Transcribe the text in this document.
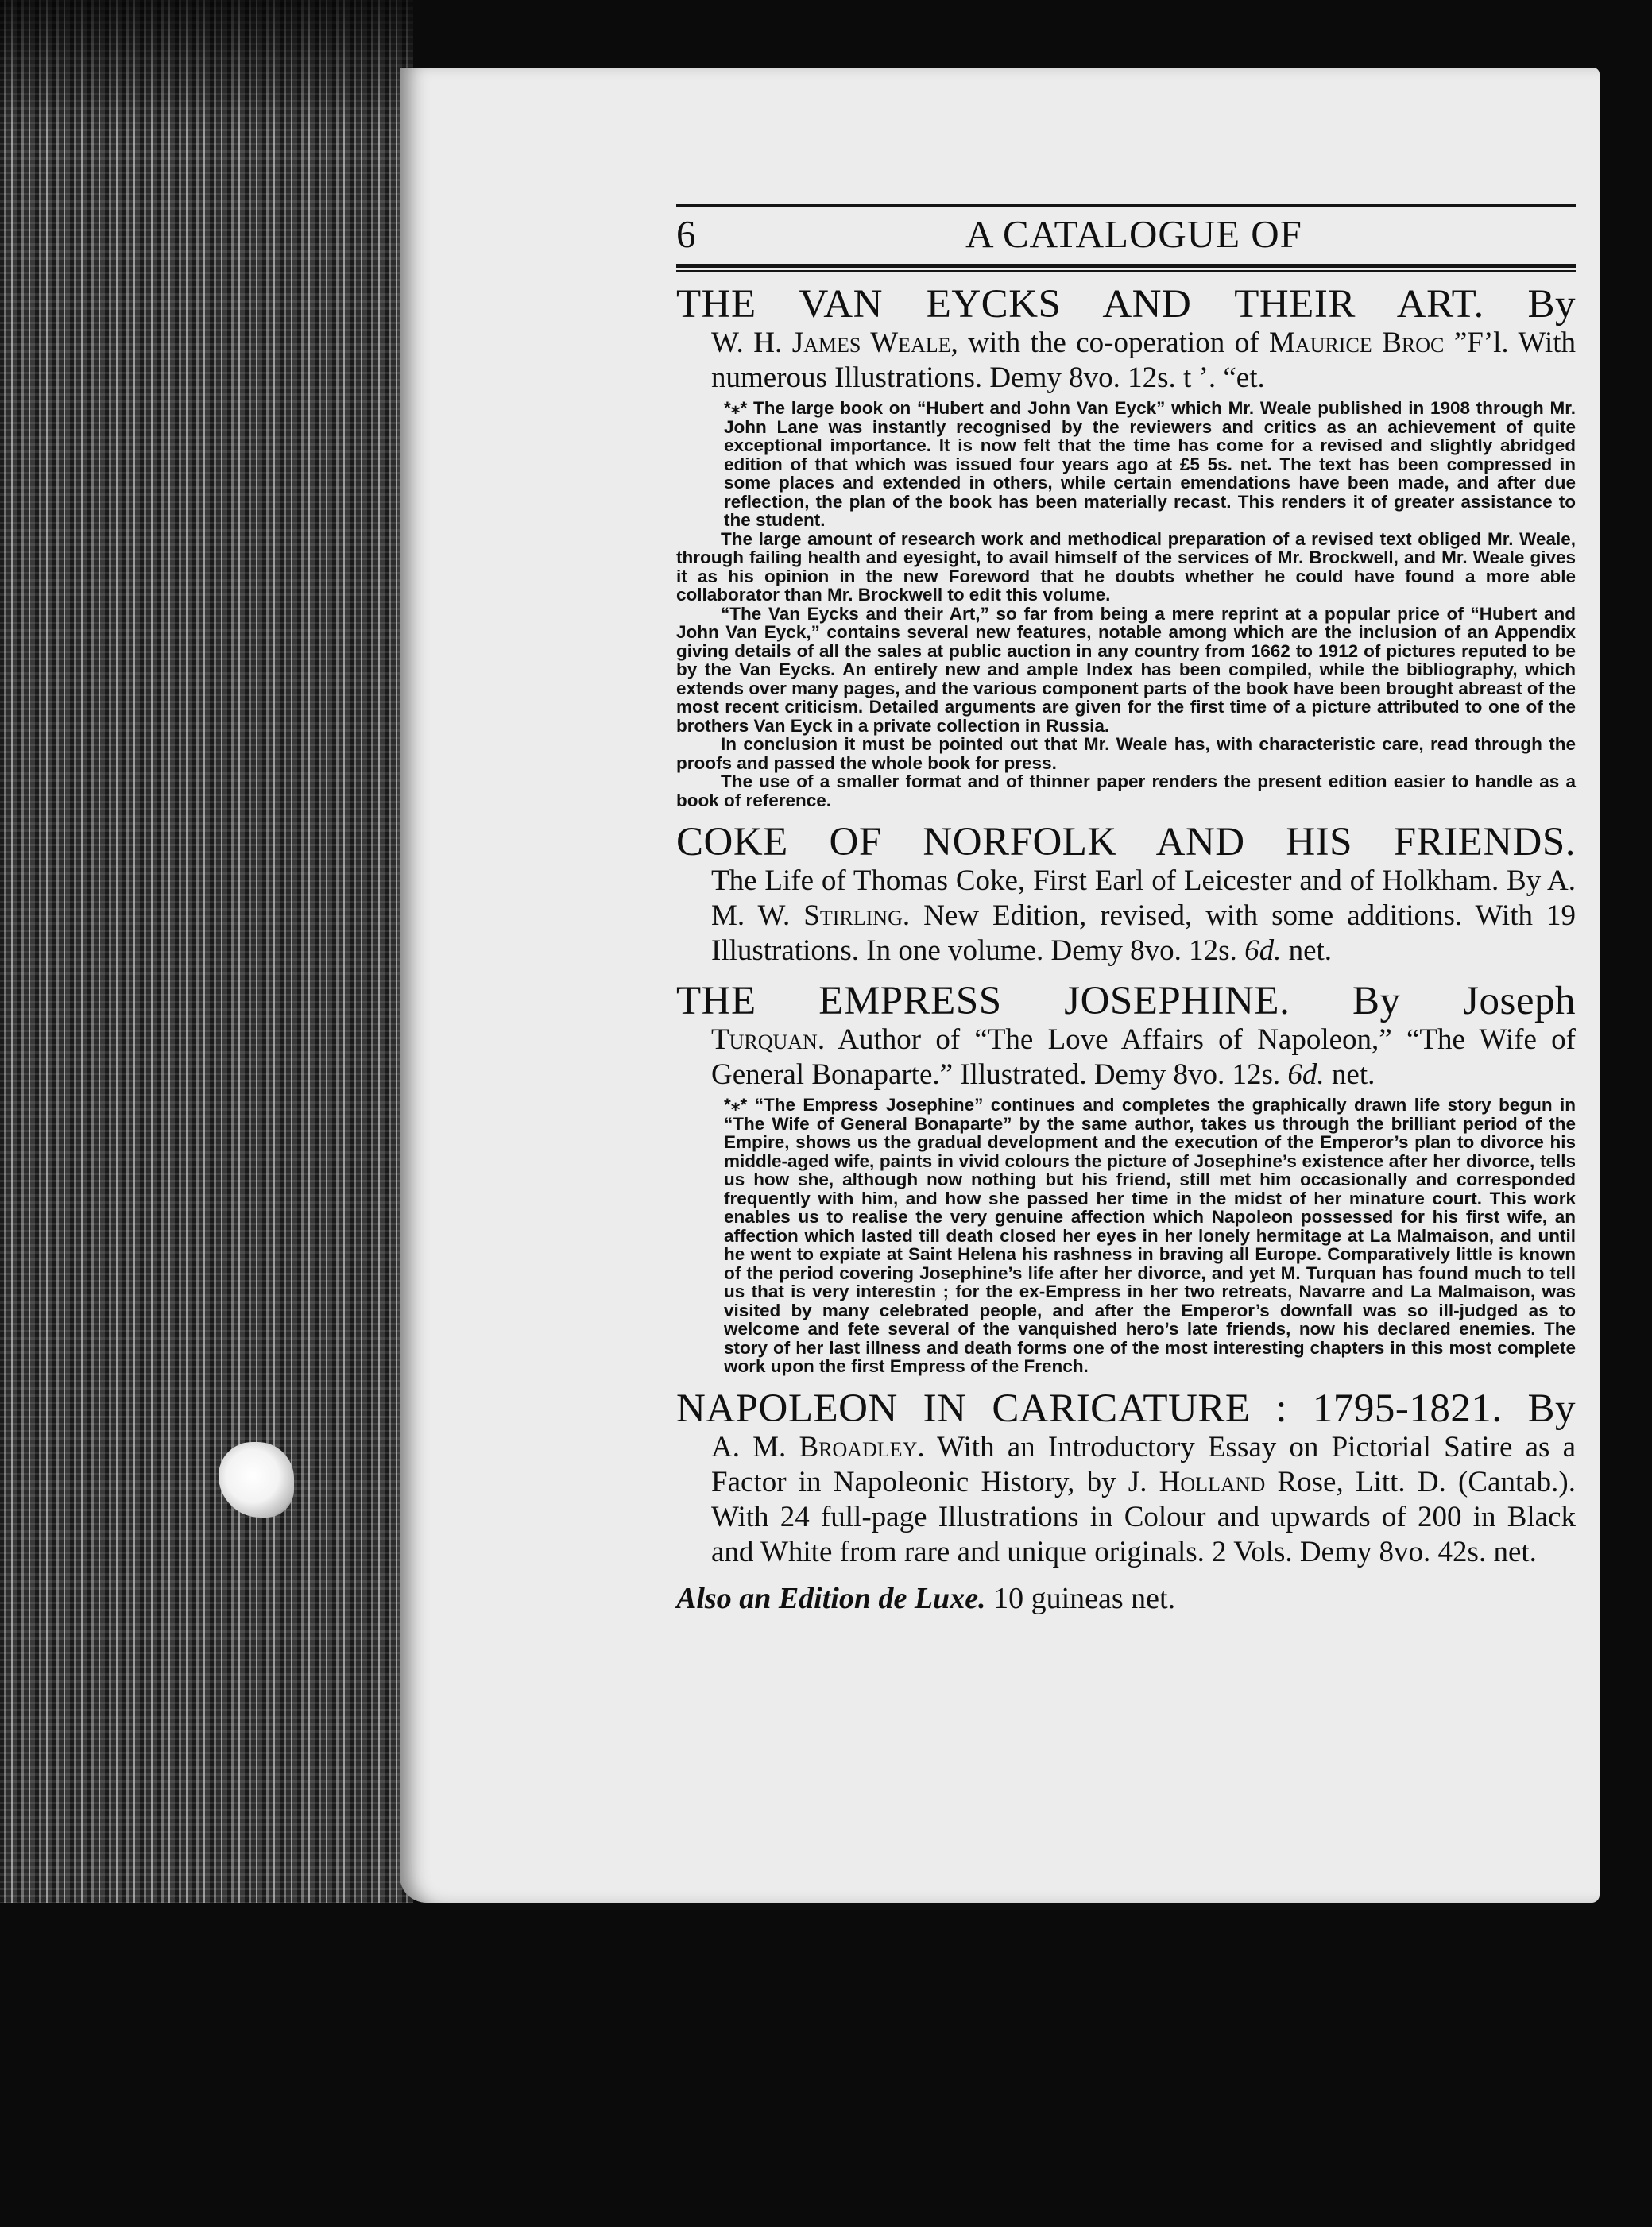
6	A CATALOGUE OF
THE VAN EYCKS AND THEIR ART. By
W. H. James Weale, with the co-operation of Maurice Broc ”F’l. With numerous Illustrations. Demy 8vo. 12s. t ’. “et.

*⁎* The large book on “Hubert and John Van Eyck” which Mr. Weale published in 1908 through Mr. John Lane was instantly recognised by the reviewers and critics as an achievement of quite exceptional importance. It is now felt that the time has come for a revised and slightly abridged edition of that which was issued four years ago at £5 5s. net. The text has been compressed in some places and extended in others, while certain emendations have been made, and after due reflection, the plan of the book has been materially recast. This renders it of greater assistance to the student.

The large amount of research work and methodical preparation of a revised text obliged Mr. Weale, through failing health and eyesight, to avail himself of the services of Mr. Brockwell, and Mr. Weale gives it as his opinion in the new Foreword that he doubts whether he could have found a more able collaborator than Mr. Brockwell to edit this volume.

“The Van Eycks and their Art,” so far from being a mere reprint at a popular price of “Hubert and John Van Eyck,” contains several new features, notable among which are the inclusion of an Appendix giving details of all the sales at public auction in any country from 1662 to 1912 of pictures reputed to be by the Van Eycks. An entirely new and ample Index has been compiled, while the bibliography, which extends over many pages, and the various component parts of the book have been brought abreast of the most recent criticism. Detailed arguments are given for the first time of a picture attributed to one of the brothers Van Eyck in a private collection in Russia.

In conclusion it must be pointed out that Mr. Weale has, with characteristic care, read through the proofs and passed the whole book for press.

The use of a smaller format and of thinner paper renders the present edition easier to handle as a book of reference.

COKE OF NORFOLK AND HIS FRIENDS.
The Life of Thomas Coke, First Earl of Leicester and of Holkham. By A. M. W. Stirling. New Edition, revised, with some additions. With 19 Illustrations. In one volume. Demy 8vo. 12s. 6d. net.
THE EMPRESS JOSEPHINE. By Joseph
Turquan. Author of “The Love Affairs of Napoleon,” “The Wife of General Bonaparte.” Illustrated. Demy 8vo. 12s. 6d. net.

*⁎* “The Empress Josephine” continues and completes the graphically drawn life story begun in “The Wife of General Bonaparte” by the same author, takes us through the brilliant period of the Empire, shows us the gradual development and the execution of the Emperor’s plan to divorce his middle-aged wife, paints in vivid colours the picture of Josephine’s existence after her divorce, tells us how she, although now nothing but his friend, still met him occasionally and corresponded frequently with him, and how she passed her time in the midst of her minature court. This work enables us to realise the very genuine affection which Napoleon possessed for his first wife, an affection which lasted till death closed her eyes in her lonely hermitage at La Malmaison, and until he went to expiate at Saint Helena his rashness in braving all Europe. Comparatively little is known of the period covering Josephine’s life after her divorce, and yet M. Turquan has found much to tell us that is very interestin ; for the ex-Empress in her two retreats, Navarre and La Malmaison, was visited by many celebrated people, and after the Emperor’s downfall was so ill-judged as to welcome and fete several of the vanquished hero’s late friends, now his declared enemies. The story of her last illness and death forms one of the most interesting chapters in this most complete work upon the first Empress of the French.

NAPOLEON IN CARICATURE : 1795-1821. By
A. M. Broadley. With an Introductory Essay on Pictorial Satire as a Factor in Napoleonic History, by J. Holland Rose, Litt. D. (Cantab.). With 24 full-page Illustrations in Colour and upwards of 200 in Black and White from rare and unique originals. 2 Vols. Demy 8vo. 42s. net.
Also an Edition de Luxe. 10 guineas net.
